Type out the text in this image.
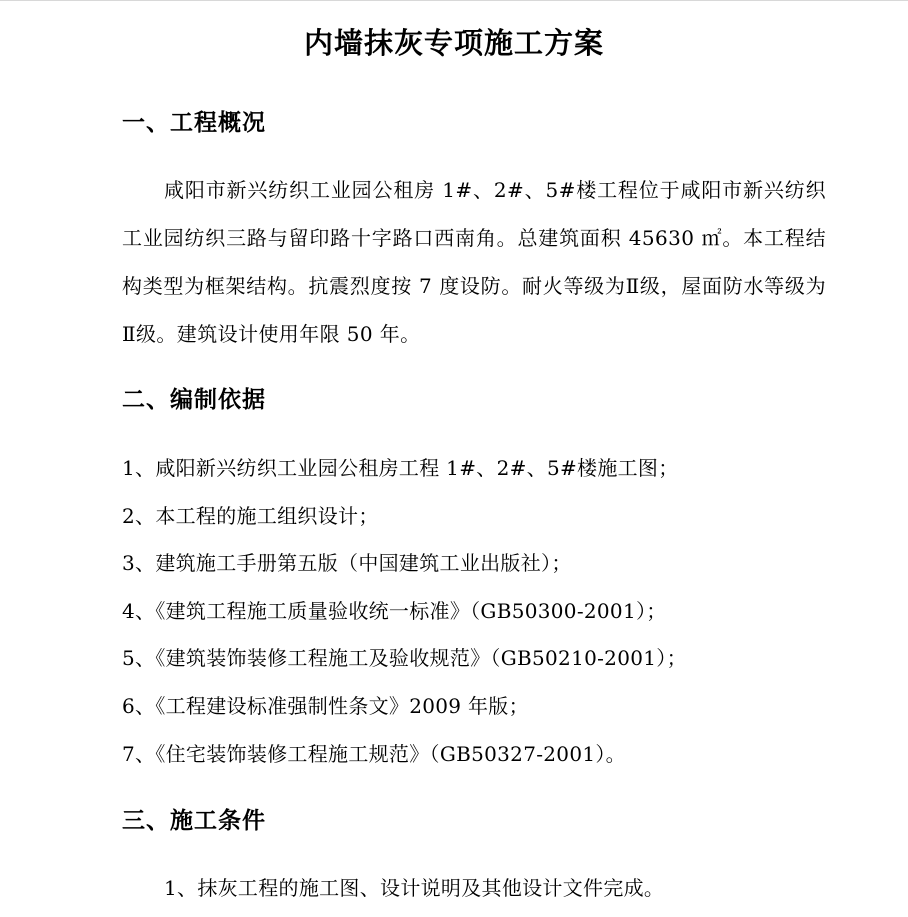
内墙抹灰专项施工方案
一、工程概况
咸阳市新兴纺织工业园公租房 1#、2#、5#楼工程位于咸阳市新兴纺织工业园纺织三路与留印路十字路口西南角。总建筑面积 45630 ㎡。本工程结构类型为框架结构。抗震烈度按 7 度设防。耐火等级为Ⅱ级，屋面防水等级为Ⅱ级。建筑设计使用年限 50 年。
二、编制依据
1、咸阳新兴纺织工业园公租房工程 1#、2#、5#楼施工图；
2、本工程的施工组织设计；
3、建筑施工手册第五版（中国建筑工业出版社）；
4、《建筑工程施工质量验收统一标准》（GB50300-2001）；
5、《建筑装饰装修工程施工及验收规范》（GB50210-2001）；
6、《工程建设标准强制性条文》2009 年版；
7、《住宅装饰装修工程施工规范》（GB50327-2001）。
三、施工条件
1、抹灰工程的施工图、设计说明及其他设计文件完成。
